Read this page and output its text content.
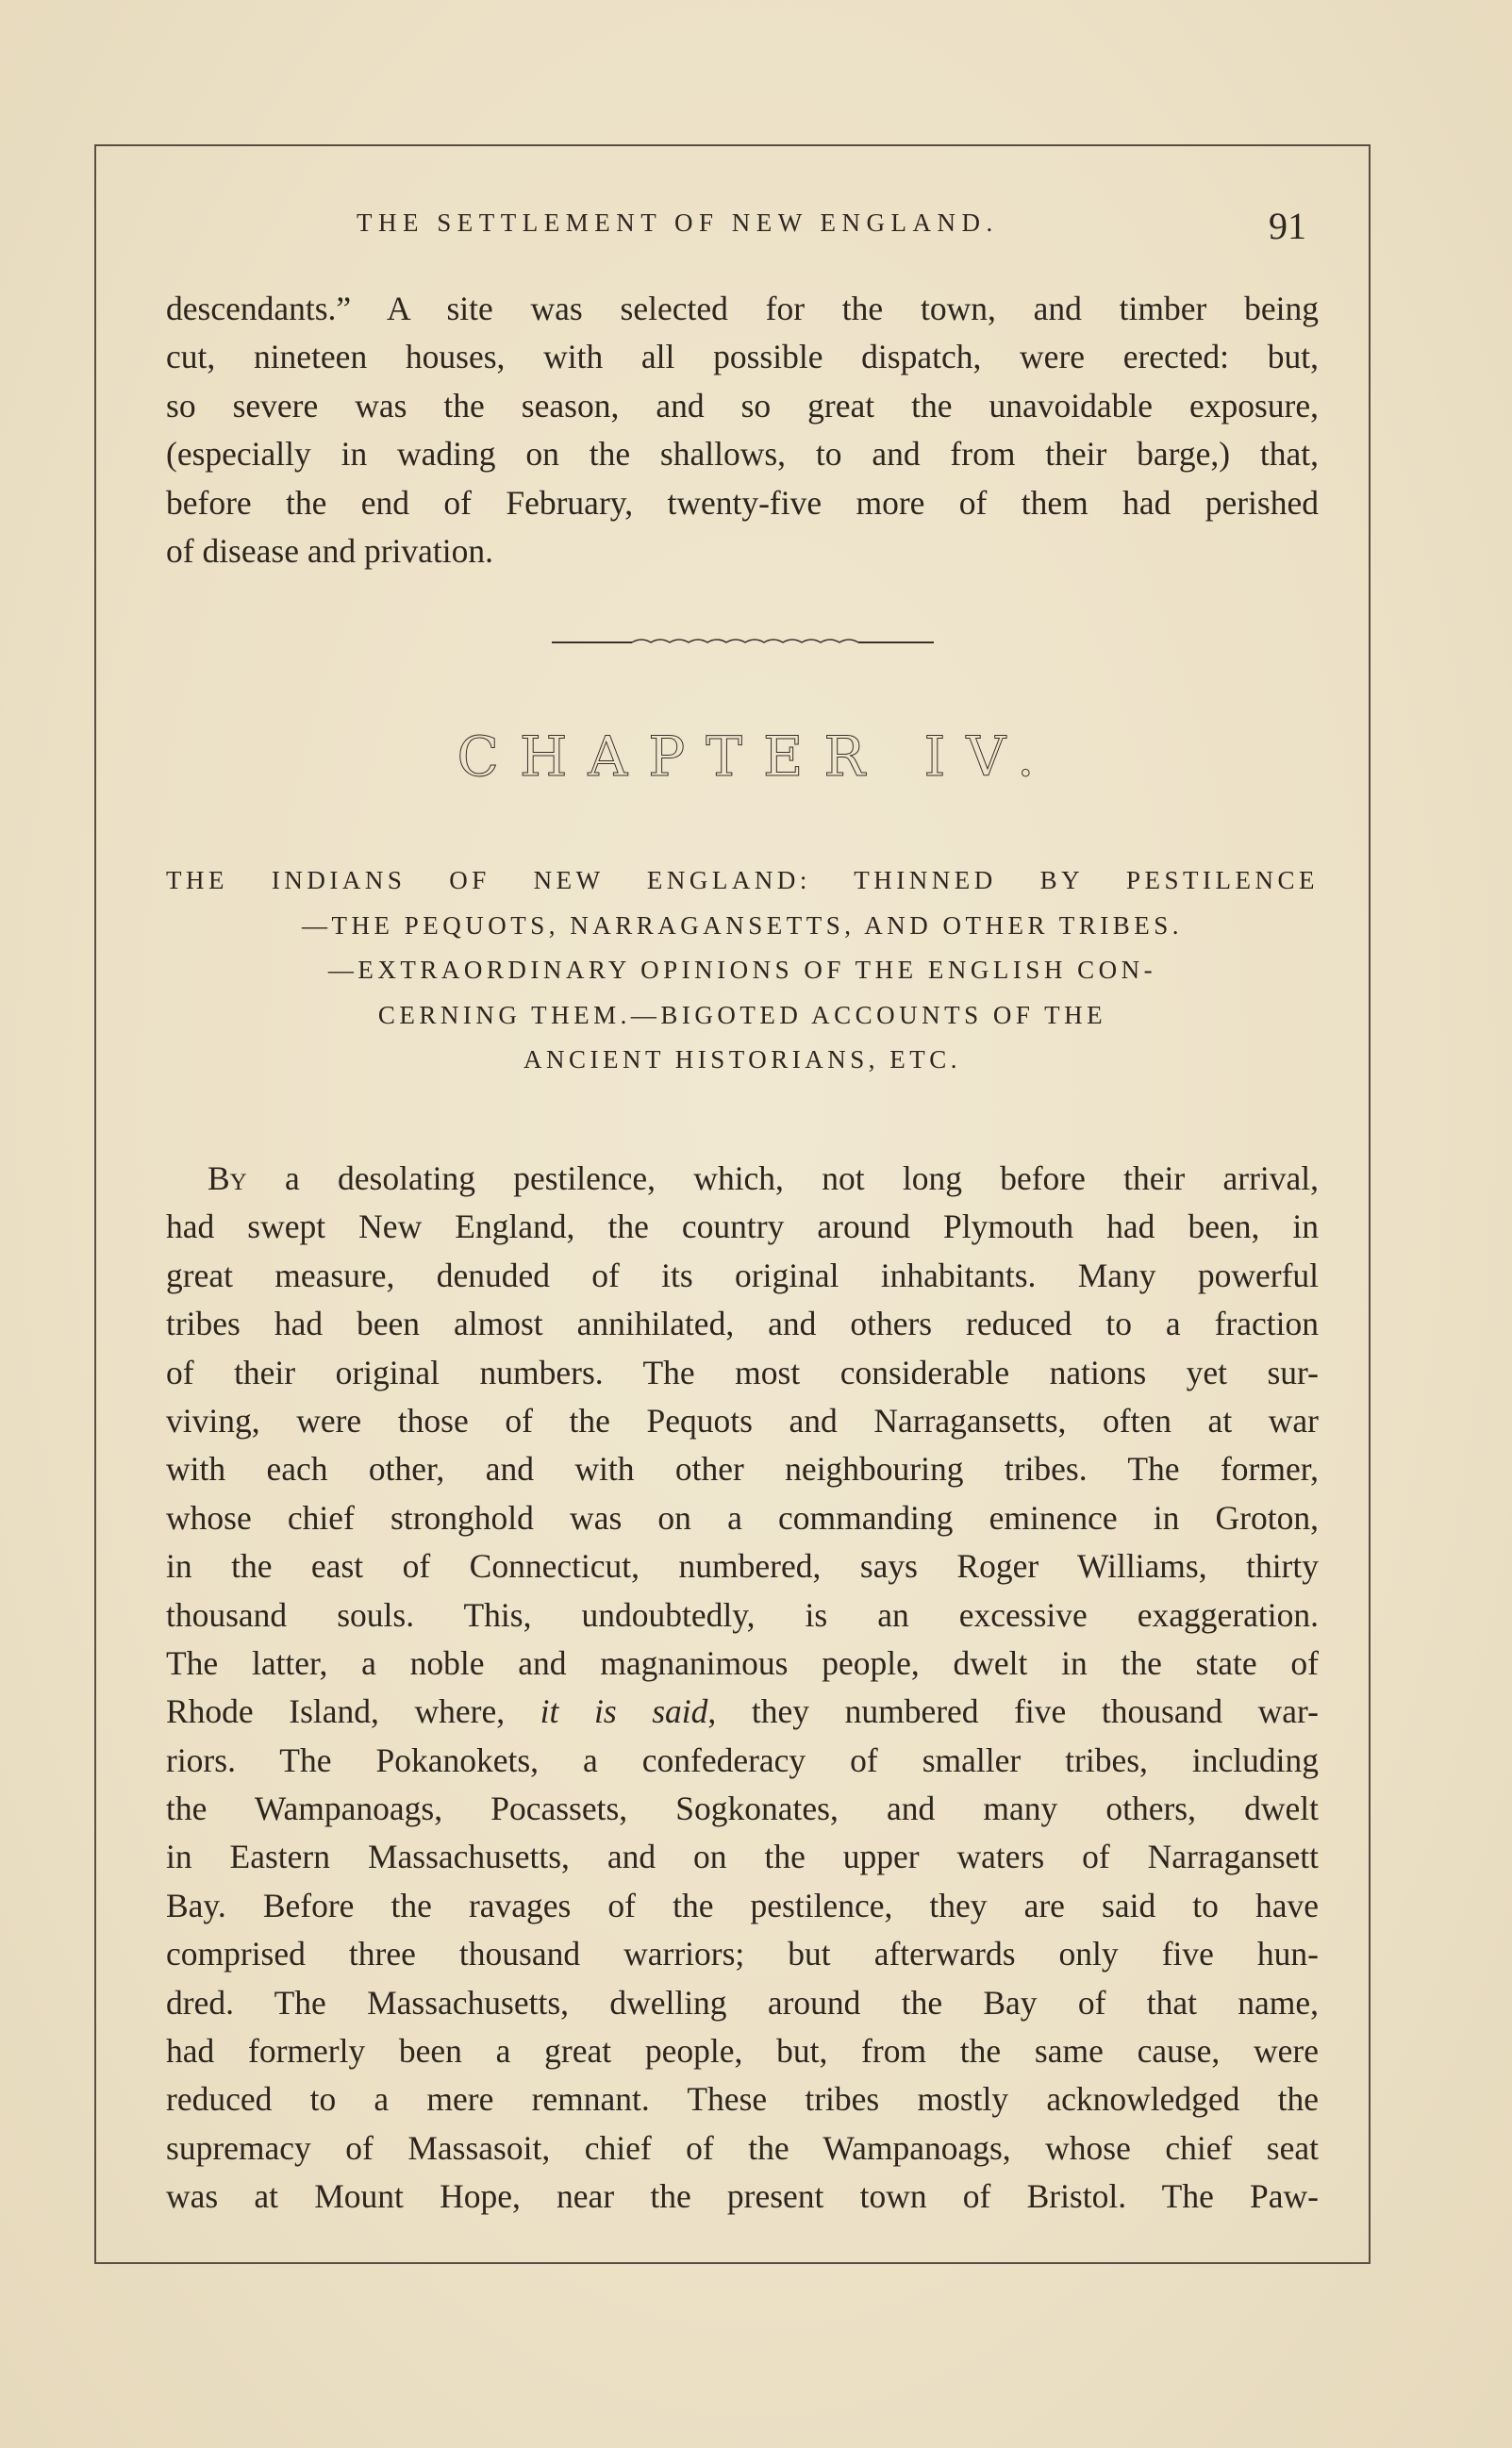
THE SETTLEMENT OF NEW ENGLAND.	91
descendants.” A site was selected for the town, and timber being
cut, nineteen houses, with all possible dispatch, were erected: but,
so severe was the season, and so great the unavoidable exposure,
(especially in wading on the shallows, to and from their barge,) that,
before the end of February, twenty-five more of them had perished
of disease and privation.
CHAPTER IV.
THE INDIANS OF NEW ENGLAND: THINNED BY PESTILENCE
—THE PEQUOTS, NARRAGANSETTS, AND OTHER TRIBES.
—EXTRAORDINARY OPINIONS OF THE ENGLISH CON-
CERNING THEM.—BIGOTED ACCOUNTS OF THE
ANCIENT HISTORIANS, ETC.
By a desolating pestilence, which, not long before their arrival,
had swept New England, the country around Plymouth had been, in
great measure, denuded of its original inhabitants. Many powerful
tribes had been almost annihilated, and others reduced to a fraction
of their original numbers. The most considerable nations yet sur-
viving, were those of the Pequots and Narragansetts, often at war
with each other, and with other neighbouring tribes. The former,
whose chief stronghold was on a commanding eminence in Groton,
in the east of Connecticut, numbered, says Roger Williams, thirty
thousand souls. This, undoubtedly, is an excessive exaggeration.
The latter, a noble and magnanimous people, dwelt in the state of
Rhode Island, where, it is said, they numbered five thousand war-
riors. The Pokanokets, a confederacy of smaller tribes, including
the Wampanoags, Pocassets, Sogkonates, and many others, dwelt
in Eastern Massachusetts, and on the upper waters of Narragansett
Bay. Before the ravages of the pestilence, they are said to have
comprised three thousand warriors; but afterwards only five hun-
dred. The Massachusetts, dwelling around the Bay of that name,
had formerly been a great people, but, from the same cause, were
reduced to a mere remnant. These tribes mostly acknowledged the
supremacy of Massasoit, chief of the Wampanoags, whose chief seat
was at Mount Hope, near the present town of Bristol. The Paw-
